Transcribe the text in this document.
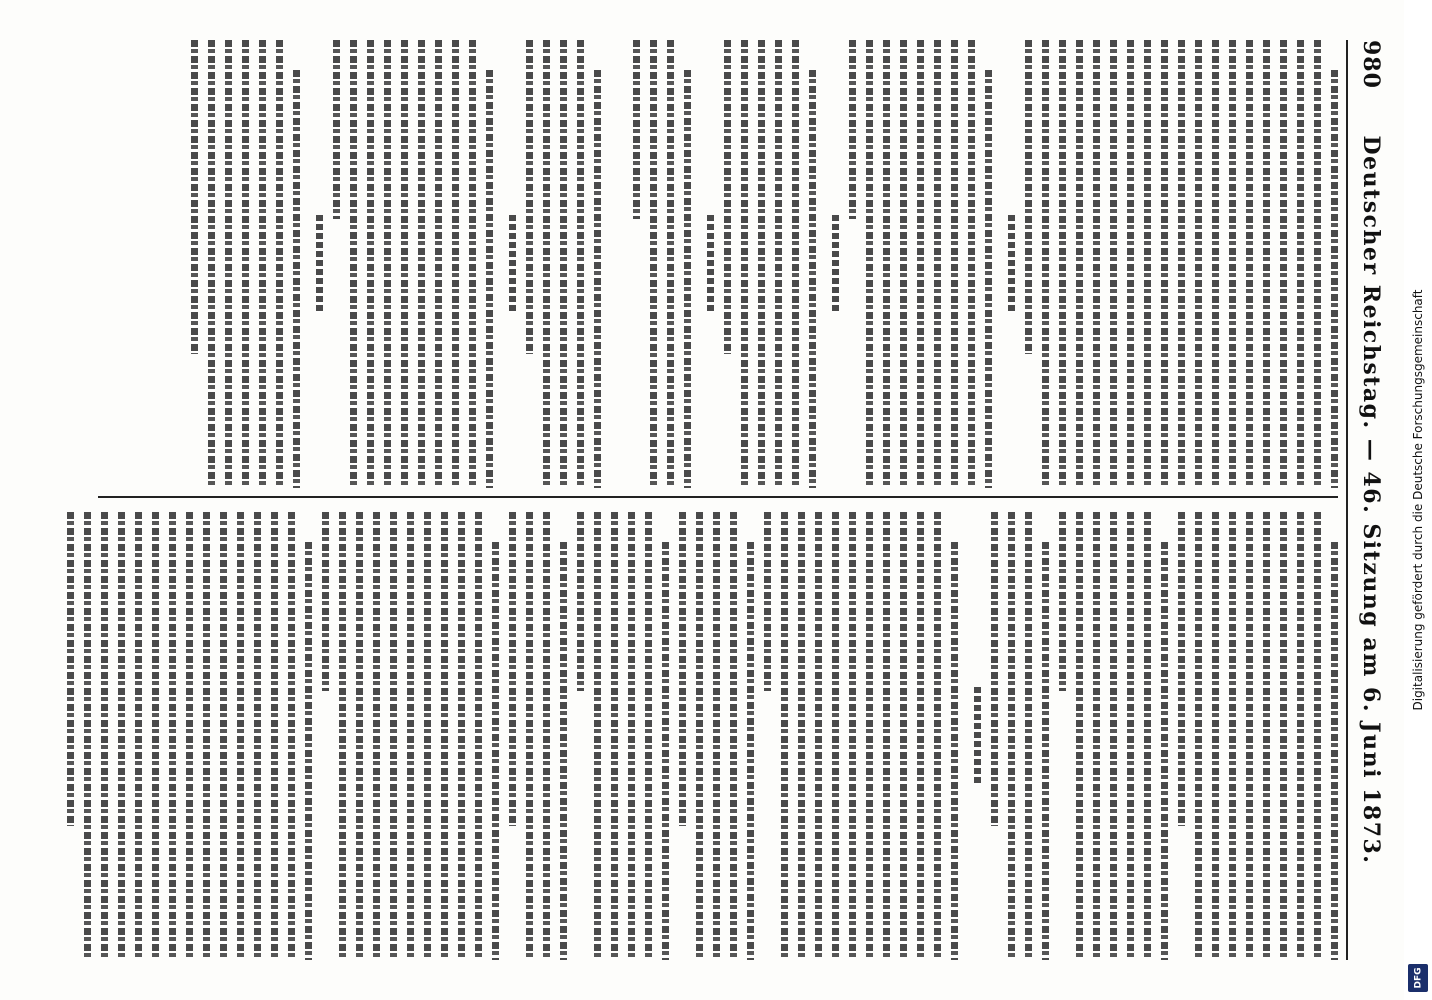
980
Deutscher Reichstag. — 46. Sitzung am 6. Juni 1873. Digitalisierung gefördert durch die Deutsche Forschungsgemeinschaft
DFG
